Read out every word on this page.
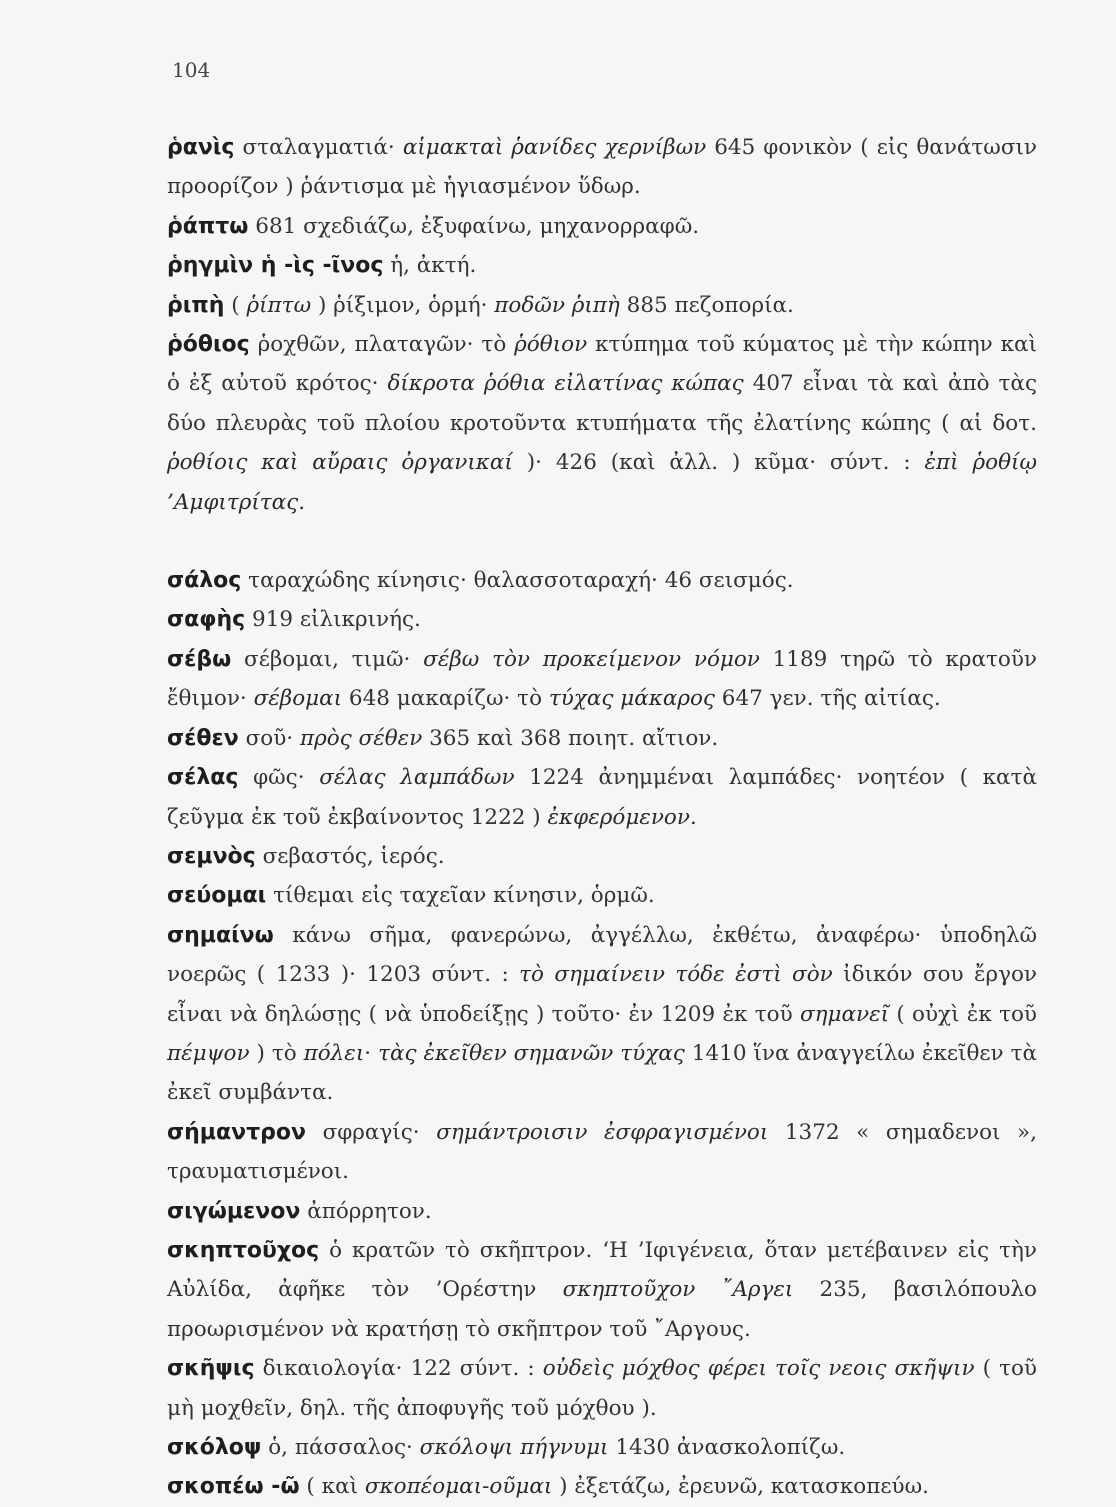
104

ῥανὶς σταλαγματιά· αἱμακταὶ ῥανίδες χερνίβων 645 φονικὸν ( εἰς θανάτωσιν προορίζον ) ῥάντισμα μὲ ἡγιασμένον ὕδωρ.

ῥάπτω 681 σχεδιάζω, ἐξυφαίνω, μηχανορραφῶ.

ῥηγμὶν ἡ -ὶς -ῖνος ἡ, ἀκτή.

ῥιπὴ ( ῥίπτω ) ῥίξιμον, ὁρμή· ποδῶν ῥιπὴ 885 πεζοπορία.

ῥόθιος ῥοχθῶν, πλαταγῶν· τὸ ῥόθιον κτύπημα τοῦ κύματος μὲ τὴν κώπην καὶ ὁ ἐξ αὐτοῦ κρότος· δίκροτα ῥόθια εἰλατίνας κώπας 407 εἶναι τὰ καὶ ἀπὸ τὰς δύο πλευρὰς τοῦ πλοίου κροτοῦντα κτυπήματα τῆς ἐλατίνης κώπης ( αἱ δοτ. ῥοθίοις καὶ αὔραις ὀργανικαί )· 426 (καὶ ἀλλ. ) κῦμα· σύντ. : ἐπὶ ῥοθίῳ ’Αμφιτρίτας.

σάλος ταραχώδης κίνησις· θαλασσοταραχή· 46 σεισμός.

σαφὴς 919 εἰλικρινής.

σέβω σέβομαι, τιμῶ· σέβω τὸν προκείμενον νόμον 1189 τηρῶ τὸ κρατοῦν ἔθιμον· σέβομαι 648 μακαρίζω· τὸ τύχας μάκαρος 647 γεν. τῆς αἰτίας.

σέθεν σοῦ· πρὸς σέθεν 365 καὶ 368 ποιητ. αἴτιον.

σέλας φῶς· σέλας λαμπάδων 1224 ἀνημμέναι λαμπάδες· νοητέον ( κατὰ ζεῦγμα ἐκ τοῦ ἐκβαίνοντος 1222 ) ἐκφερόμενον.

σεμνὸς σεβαστός, ἱερός.

σεύομαι τίθεμαι εἰς ταχεῖαν κίνησιν, ὁρμῶ.

σημαίνω κάνω σῆμα, φανερώνω, ἀγγέλλω, ἐκθέτω, ἀναφέρω· ὑποδηλῶ νοερῶς ( 1233 )· 1203 σύντ. : τὸ σημαίνειν τόδε ἐστὶ σὸν ἰδικόν σου ἔργον εἶναι νὰ δηλώσῃς ( νὰ ὑποδείξῃς ) τοῦτο· ἐν 1209 ἐκ τοῦ σημανεῖ ( οὐχὶ ἐκ τοῦ πέμψον ) τὸ πόλει· τὰς ἐκεῖθεν σημανῶν τύχας 1410 ἵνα ἀναγγείλω ἐκεῖθεν τὰ ἐκεῖ συμβάντα.

σήμαντρον σφραγίς· σημάντροισιν ἐσφραγισμένοι 1372 « σημαδενοι », τραυματισμένοι.

σιγώμενον ἀπόρρητον.

σκηπτοῦχος ὁ κρατῶν τὸ σκῆπτρον. ‘Η ’Ιφιγένεια, ὅταν μετέβαινεν εἰς τὴν Αὐλίδα, ἀφῆκε τὸν ’Ορέστην σκηπτοῦχον ῎Αργει 235, βασιλόπουλο προωρισμένον νὰ κρατήσῃ τὸ σκῆπτρον τοῦ ῎Αργους.

σκῆψις δικαιολογία· 122 σύντ. : οὐδεὶς μόχθος φέρει τοῖς νεοις σκῆψιν ( τοῦ μὴ μοχθεῖν, δηλ. τῆς ἀποφυγῆς τοῦ μόχθου ).

σκόλοψ ὁ, πάσσαλος· σκόλοψι πήγνυμι 1430 ἀνασκολοπίζω.

σκοπέω -ῶ ( καὶ σκοπέομαι-οῦμαι ) ἐξετάζω, ἐρευνῶ, κατασκοπεύω.
